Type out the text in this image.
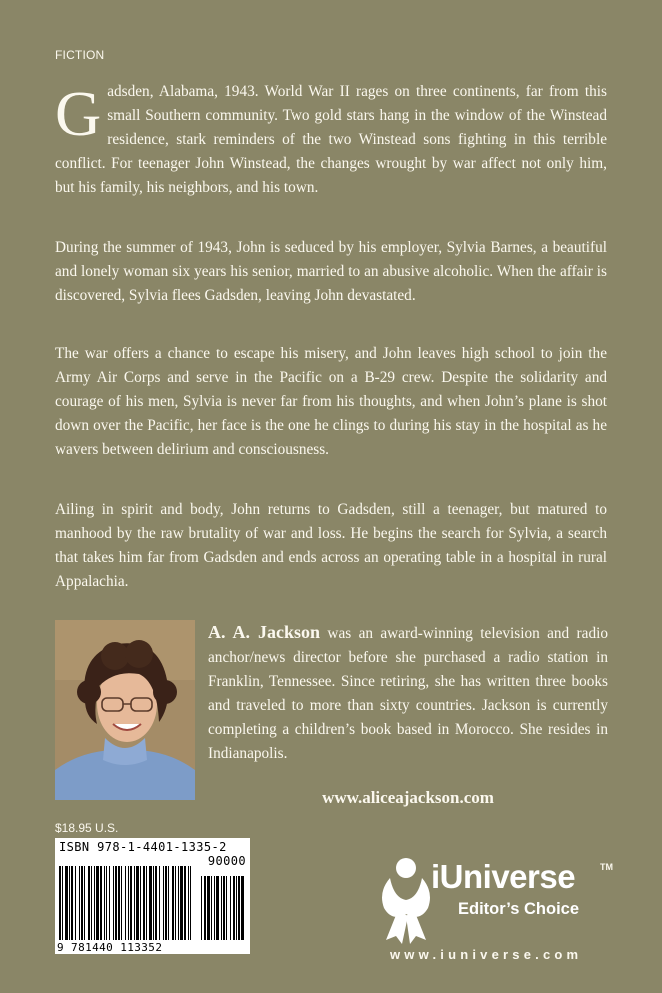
FICTION

Gadsden, Alabama, 1943. World War II rages on three continents, far from this small Southern community. Two gold stars hang in the window of the Winstead residence, stark reminders of the two Winstead sons fighting in this terrible conflict. For teenager John Winstead, the changes wrought by war affect not only him, but his family, his neighbors, and his town.

During the summer of 1943, John is seduced by his employer, Sylvia Barnes, a beautiful and lonely woman six years his senior, married to an abusive alcoholic. When the affair is discovered, Sylvia flees Gadsden, leaving John devastated.

The war offers a chance to escape his misery, and John leaves high school to join the Army Air Corps and serve in the Pacific on a B-29 crew. Despite the solidarity and courage of his men, Sylvia is never far from his thoughts, and when John’s plane is shot down over the Pacific, her face is the one he clings to during his stay in the hospital as he wavers between delirium and consciousness.

Ailing in spirit and body, John returns to Gadsden, still a teenager, but matured to manhood by the raw brutality of war and loss. He begins the search for Sylvia, a search that takes him far from Gadsden and ends across an operating table in a hospital in rural Appalachia.

A. A. Jackson was an award-winning television and radio anchor/news director before she purchased a radio station in Franklin, Tennessee. Since retiring, she has written three books and traveled to more than sixty countries. Jackson is currently completing a children’s book based in Morocco. She resides in Indianapolis.

www.aliceajackson.com
$18.95 U.S.
ISBN 978-1-4401-1335-2
90000
9 781440 113352
iUniverse	TM
Editor’s Choice
www.iuniverse.com
